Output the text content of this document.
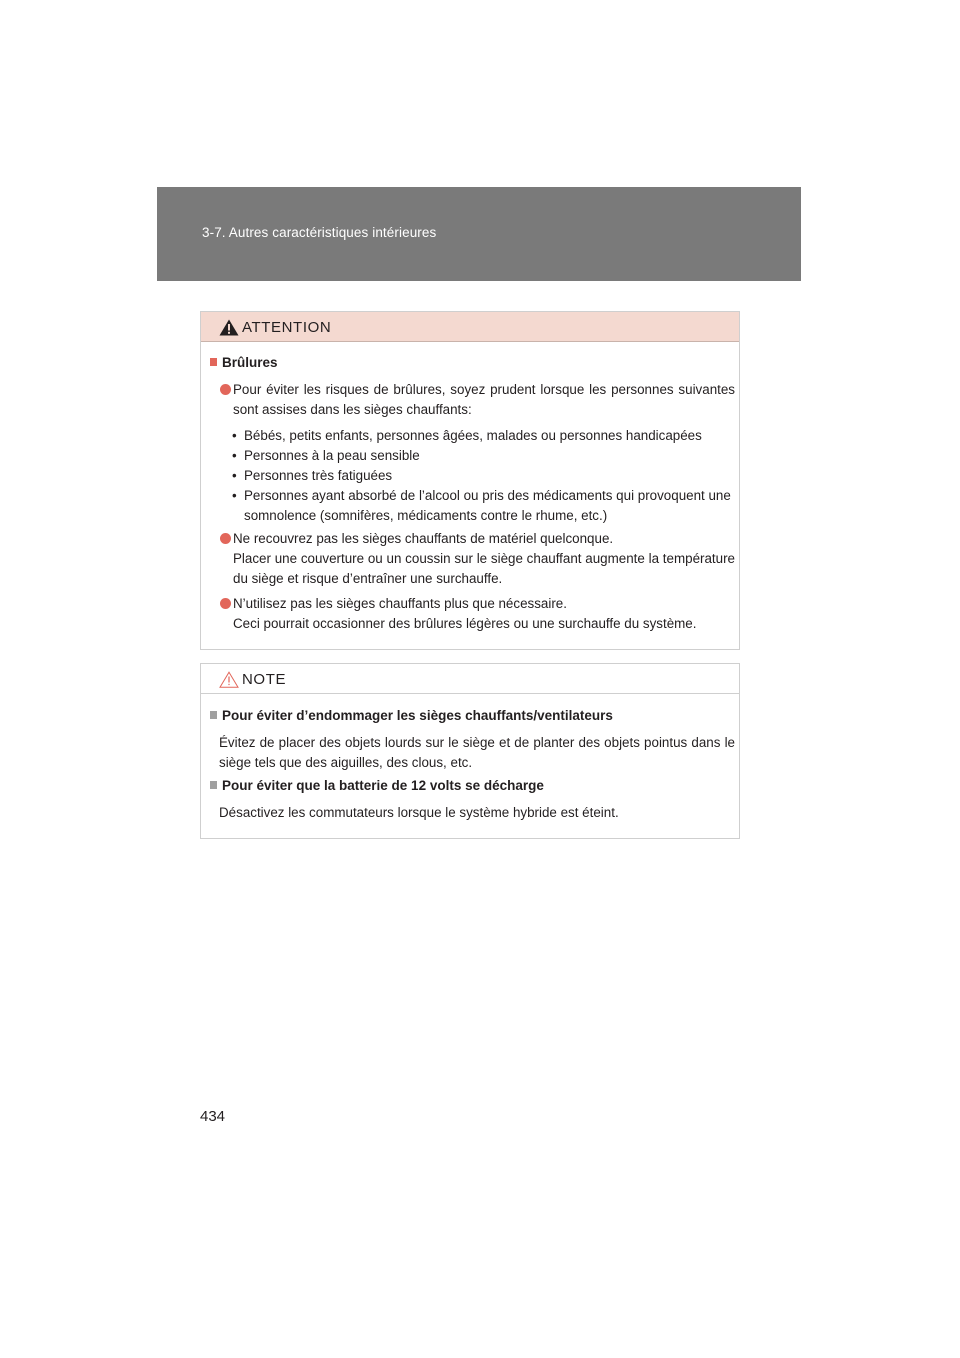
3-7. Autres caractéristiques intérieures
ATTENTION
Brûlures
Pour éviter les risques de brûlures, soyez prudent lorsque les personnes suivantes sont assises dans les sièges chauffants:
• Bébés, petits enfants, personnes âgées, malades ou personnes handicapées
• Personnes à la peau sensible
• Personnes très fatiguées
• Personnes ayant absorbé de l’alcool ou pris des médicaments qui provoquent une somnolence (somnifères, médicaments contre le rhume, etc.)
Ne recouvrez pas les sièges chauffants de matériel quelconque.
Placer une couverture ou un coussin sur le siège chauffant augmente la température du siège et risque d’entraîner une surchauffe.
N’utilisez pas les sièges chauffants plus que nécessaire.
Ceci pourrait occasionner des brûlures légères ou une surchauffe du système.
NOTE
Pour éviter d’endommager les sièges chauffants/ventilateurs
Évitez de placer des objets lourds sur le siège et de planter des objets pointus dans le siège tels que des aiguilles, des clous, etc.
Pour éviter que la batterie de 12 volts se décharge
Désactivez les commutateurs lorsque le système hybride est éteint.
434
